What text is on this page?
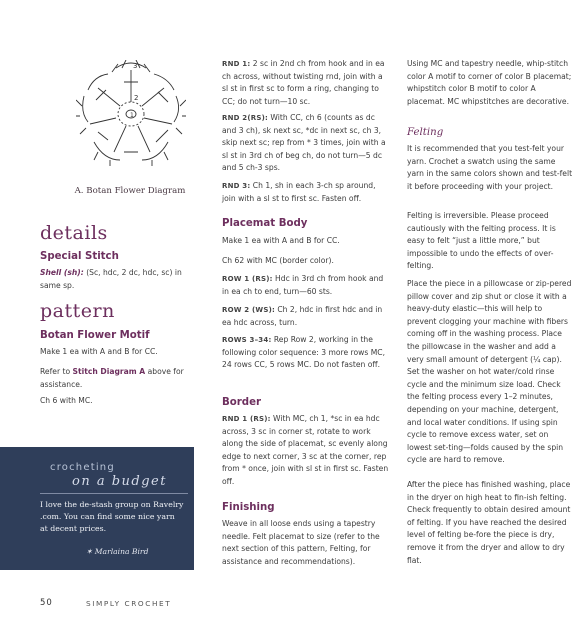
3
2
1
A. Botan Flower Diagram
details
Special Stitch

Shell (sh): (Sc, hdc, 2 dc, hdc, sc) in same sp.

pattern
Botan Flower Motif

Make 1 ea with A and B for CC.

Refer to Stitch Diagram A above for assistance.

Ch 6 with MC.

crocheting
on a budget
I love the de-stash group on Ravelry
.com. You can find some nice yarn
at decent prices.
✶ Marlaina Bird

RND 1: 2 sc in 2nd ch from hook and in ea ch across, without twisting rnd, join with a sl st in first sc to form a ring, changing to CC; do not turn—10 sc.

RND 2(RS): With CC, ch 6 (counts as dc and 3 ch), sk next sc, *dc in next sc, ch 3, skip next sc; rep from * 3 times, join with a sl st in 3rd ch of beg ch, do not turn—5 dc and 5 ch-3 sps.

RND 3: Ch 1, sh in each 3-ch sp around, join with a sl st to first sc. Fasten off.

Placemat Body

Make 1 ea with A and B for CC.

Ch 62 with MC (border color).

ROW 1 (RS): Hdc in 3rd ch from hook and in ea ch to end, turn—60 sts.

ROW 2 (WS): Ch 2, hdc in first hdc and in ea hdc across, turn.

ROWS 3–34: Rep Row 2, working in the following color sequence: 3 more rows MC, 24 rows CC, 5 rows MC. Do not fasten off.

Border

RND 1 (RS): With MC, ch 1, *sc in ea hdc across, 3 sc in corner st, rotate to work along the side of placemat, sc evenly along edge to next corner, 3 sc at the corner, rep from * once, join with sl st in first sc. Fasten off.

Finishing

Weave in all loose ends using a tapestry needle. Felt placemat to size (refer to the next section of this pattern, Felting, for assistance and recommendations).

Using MC and tapestry needle, whip-stitch color A motif to corner of color B placemat; whipstitch color B motif to color A placemat. MC whipstitches are decorative.

Felting

It is recommended that you test-felt your yarn. Crochet a swatch using the same yarn in the same colors shown and test-felt it before proceeding with your project.

Felting is irreversible. Please proceed cautiously with the felting process. It is easy to felt “just a little more,” but impossible to undo the effects of over-felting.

Place the piece in a pillowcase or zip-pered pillow cover and zip shut or close it with a heavy-duty elastic—this will help to prevent clogging your machine with fibers coming off in the washing process. Place the pillowcase in the washer and add a very small amount of detergent (¼ cap). Set the washer on hot water/cold rinse cycle and the minimum size load. Check the felting process every 1–2 minutes, depending on your machine, detergent, and local water conditions. If using spin cycle to remove excess water, set on lowest set-ting—folds caused by the spin cycle are hard to remove.

After the piece has finished washing, place in the dryer on high heat to fin-ish felting. Check frequently to obtain desired amount of felting. If you have reached the desired level of felting be-fore the piece is dry, remove it from the dryer and allow to dry flat.

50	SIMPLY CROCHET
